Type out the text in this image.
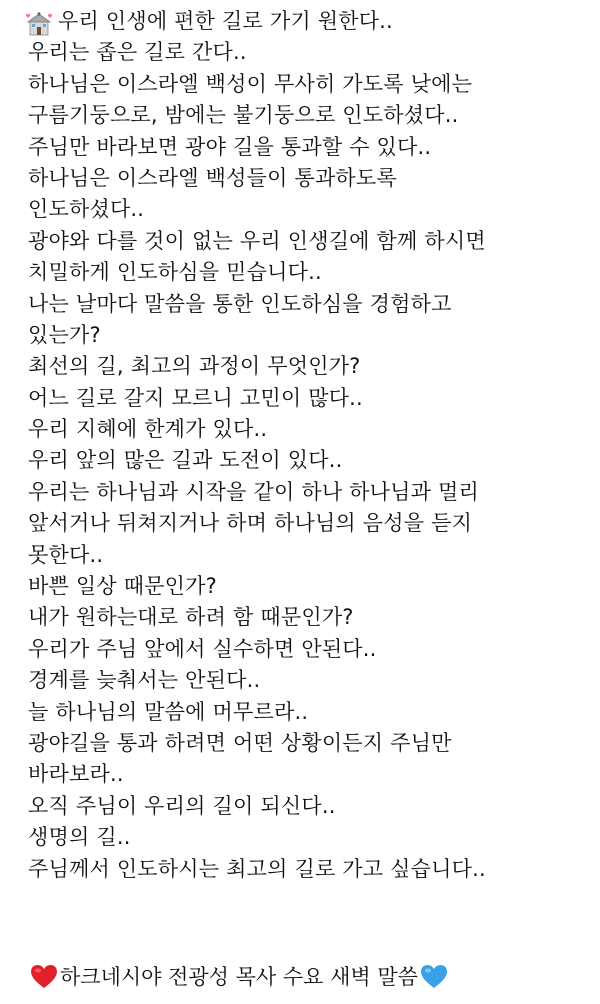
우리 인생에 편한 길로 가기 원한다..
우리는 좁은 길로 간다..
하나님은 이스라엘 백성이 무사히 가도록 낮에는
구름기둥으로, 밤에는 불기둥으로 인도하셨다..
주님만 바라보면 광야 길을 통과할 수 있다..
하나님은 이스라엘 백성들이 통과하도록
인도하셨다..
광야와 다를 것이 없는 우리 인생길에 함께 하시면
치밀하게 인도하심을 믿습니다..
나는 날마다 말씀을 통한 인도하심을 경험하고
있는가?
최선의 길, 최고의 과정이 무엇인가?
어느 길로 갈지 모르니 고민이 많다..
우리 지혜에 한계가 있다..
우리 앞의 많은 길과 도전이 있다..
우리는 하나님과 시작을 같이 하나 하나님과 멀리
앞서거나 뒤쳐지거나 하며 하나님의 음성을 듣지
못한다..
바쁜 일상 때문인가?
내가 원하는대로 하려 함 때문인가?
우리가 주님 앞에서 실수하면 안된다..
경계를 늦춰서는 안된다..
늘 하나님의 말씀에 머무르라..
광야길을 통과 하려면 어떤 상황이든지 주님만
바라보라..
오직 주님이 우리의 길이 되신다..
생명의 길..
주님께서 인도하시는 최고의 길로 가고 싶습니다..
하크네시야 전광성 목사 수요 새벽 말씀
